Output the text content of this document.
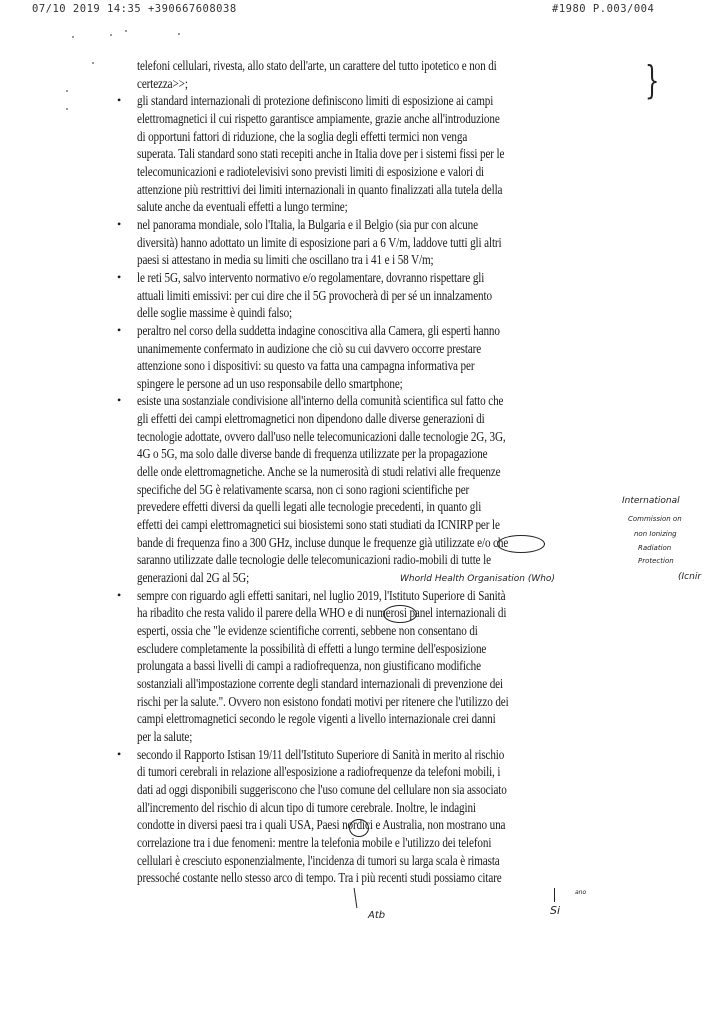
07/10 2019 14:35 +390667608038	#1980 P.003/004
}
telefoni cellulari, rivesta, allo stato dell'arte, un carattere del tutto ipotetico e non di
certezza>>;
• gli standard internazionali di protezione definiscono limiti di esposizione ai campi
elettromagnetici il cui rispetto garantisce ampiamente, grazie anche all'introduzione
di opportuni fattori di riduzione, che la soglia degli effetti termici non venga
superata. Tali standard sono stati recepiti anche in Italia dove per i sistemi fissi per le
telecomunicazioni e radiotelevisivi sono previsti limiti di esposizione e valori di
attenzione più restrittivi dei limiti internazionali in quanto finalizzati alla tutela della
salute anche da eventuali effetti a lungo termine;
• nel panorama mondiale, solo l'Italia, la Bulgaria e il Belgio (sia pur con alcune
diversità) hanno adottato un limite di esposizione pari a 6 V/m, laddove tutti gli altri
paesi si attestano in media su limiti che oscillano tra i 41 e i 58 V/m;
• le reti 5G, salvo intervento normativo e/o regolamentare, dovranno rispettare gli
attuali limiti emissivi: per cui dire che il 5G provocherà di per sé un innalzamento
delle soglie massime è quindi falso;
• peraltro nel corso della suddetta indagine conoscitiva alla Camera, gli esperti hanno
unanimemente confermato in audizione che ciò su cui davvero occorre prestare
attenzione sono i dispositivi: su questo va fatta una campagna informativa per
spingere le persone ad un uso responsabile dello smartphone;
• esiste una sostanziale condivisione all'interno della comunità scientifica sul fatto che
gli effetti dei campi elettromagnetici non dipendono dalle diverse generazioni di
tecnologie adottate, ovvero dall'uso nelle telecomunicazioni dalle tecnologie 2G, 3G,
4G o 5G, ma solo dalle diverse bande di frequenza utilizzate per la propagazione
delle onde elettromagnetiche. Anche se la numerosità di studi relativi alle frequenze
specifiche del 5G è relativamente scarsa, non ci sono ragioni scientifiche per
prevedere effetti diversi da quelli legati alle tecnologie precedenti, in quanto gli
effetti dei campi elettromagnetici sui biosistemi sono stati studiati da ICNIRP per le
bande di frequenza fino a 300 GHz, incluse dunque le frequenze già utilizzate e/o che
saranno utilizzate dalle tecnologie delle telecomunicazioni radio-mobili di tutte le
generazioni dal 2G al 5G;
• sempre con riguardo agli effetti sanitari, nel luglio 2019, l'Istituto Superiore di Sanità
ha ribadito che resta valido il parere della WHO e di numerosi panel internazionali di
esperti, ossia che "le evidenze scientifiche correnti, sebbene non consentano di
escludere completamente la possibilità di effetti a lungo termine dell'esposizione
prolungata a bassi livelli di campi a radiofrequenza, non giustificano modifiche
sostanziali all'impostazione corrente degli standard internazionali di prevenzione dei
rischi per la salute.". Ovvero non esistono fondati motivi per ritenere che l'utilizzo dei
campi elettromagnetici secondo le regole vigenti a livello internazionale crei danni
per la salute;
• secondo il Rapporto Istisan 19/11 dell'Istituto Superiore di Sanità in merito al rischio
di tumori cerebrali in relazione all'esposizione a radiofrequenze da telefoni mobili, i
dati ad oggi disponibili suggeriscono che l'uso comune del cellulare non sia associato
all'incremento del rischio di alcun tipo di tumore cerebrale. Inoltre, le indagini
condotte in diversi paesi tra i quali USA, Paesi nordici e Australia, non mostrano una
correlazione tra i due fenomeni: mentre la telefonia mobile e l'utilizzo dei telefoni
cellulari è cresciuto esponenzialmente, l'incidenza di tumori su larga scala è rimasta
pressoché costante nello stesso arco di tempo. Tra i più recenti studi possiamo citare
International
Commission on
non Ionizing
Radiation
Protection
(Icnir
Whorld Health Organisation (Who)
Atb	Si
ano
